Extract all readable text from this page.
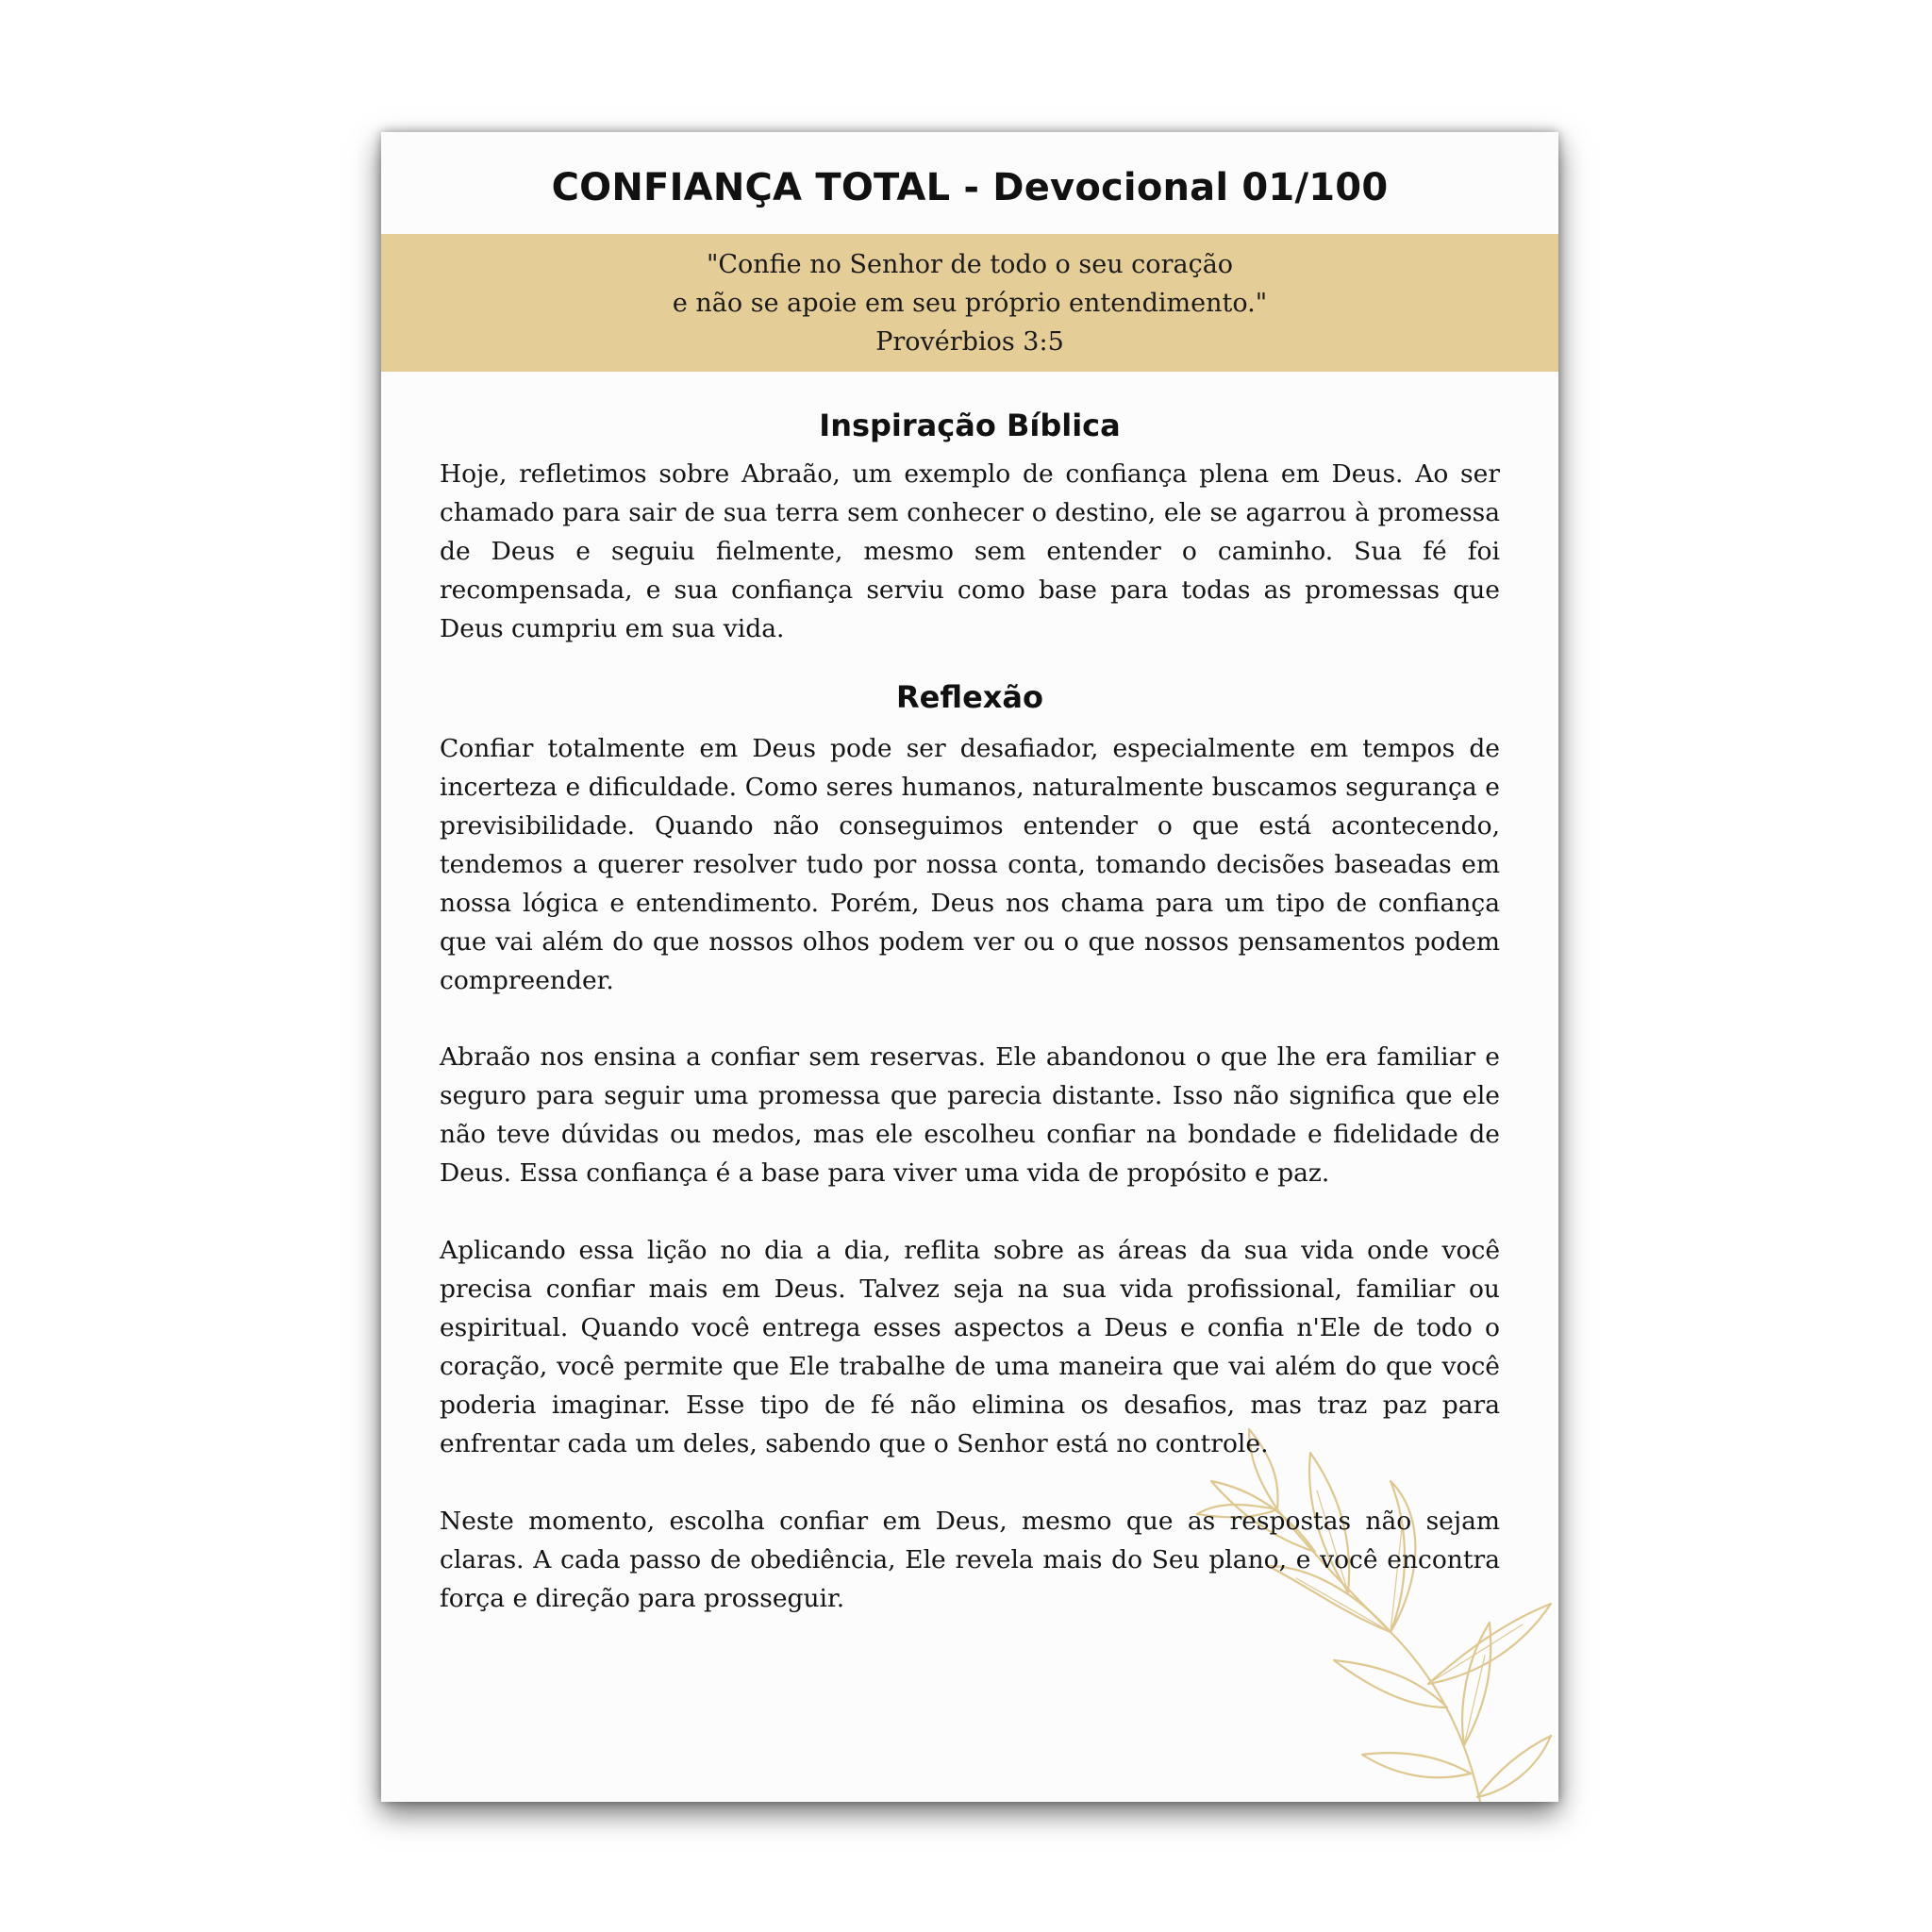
CONFIANÇA TOTAL - Devocional 01/100
"Confie no Senhor de todo o seu coração
e não se apoie em seu próprio entendimento."
Provérbios 3:5
Inspiração Bíblica

Hoje, refletimos sobre Abraão, um exemplo de confiança plena em Deus. Ao ser chamado para sair de sua terra sem conhecer o destino, ele se agarrou à promessa de Deus e seguiu fielmente, mesmo sem entender o caminho. Sua fé foi recompensada, e sua confiança serviu como base para todas as promessas que Deus cumpriu em sua vida.

Reflexão

Confiar totalmente em Deus pode ser desafiador, especialmente em tempos de incerteza e dificuldade. Como seres humanos, naturalmente buscamos segurança e previsibilidade. Quando não conseguimos entender o que está acontecendo, tendemos a querer resolver tudo por nossa conta, tomando decisões baseadas em nossa lógica e entendimento. Porém, Deus nos chama para um tipo de confiança que vai além do que nossos olhos podem ver ou o que nossos pensamentos podem compreender.

Abraão nos ensina a confiar sem reservas. Ele abandonou o que lhe era familiar e seguro para seguir uma promessa que parecia distante. Isso não significa que ele não teve dúvidas ou medos, mas ele escolheu confiar na bondade e fidelidade de Deus. Essa confiança é a base para viver uma vida de propósito e paz.

Aplicando essa lição no dia a dia, reflita sobre as áreas da sua vida onde você precisa confiar mais em Deus. Talvez seja na sua vida profissional, familiar ou espiritual. Quando você entrega esses aspectos a Deus e confia n'Ele de todo o coração, você permite que Ele trabalhe de uma maneira que vai além do que você poderia imaginar. Esse tipo de fé não elimina os desafios, mas traz paz para enfrentar cada um deles, sabendo que o Senhor está no controle.

Neste momento, escolha confiar em Deus, mesmo que as respostas não sejam claras. A cada passo de obediência, Ele revela mais do Seu plano, e você encontra força e direção para prosseguir.
